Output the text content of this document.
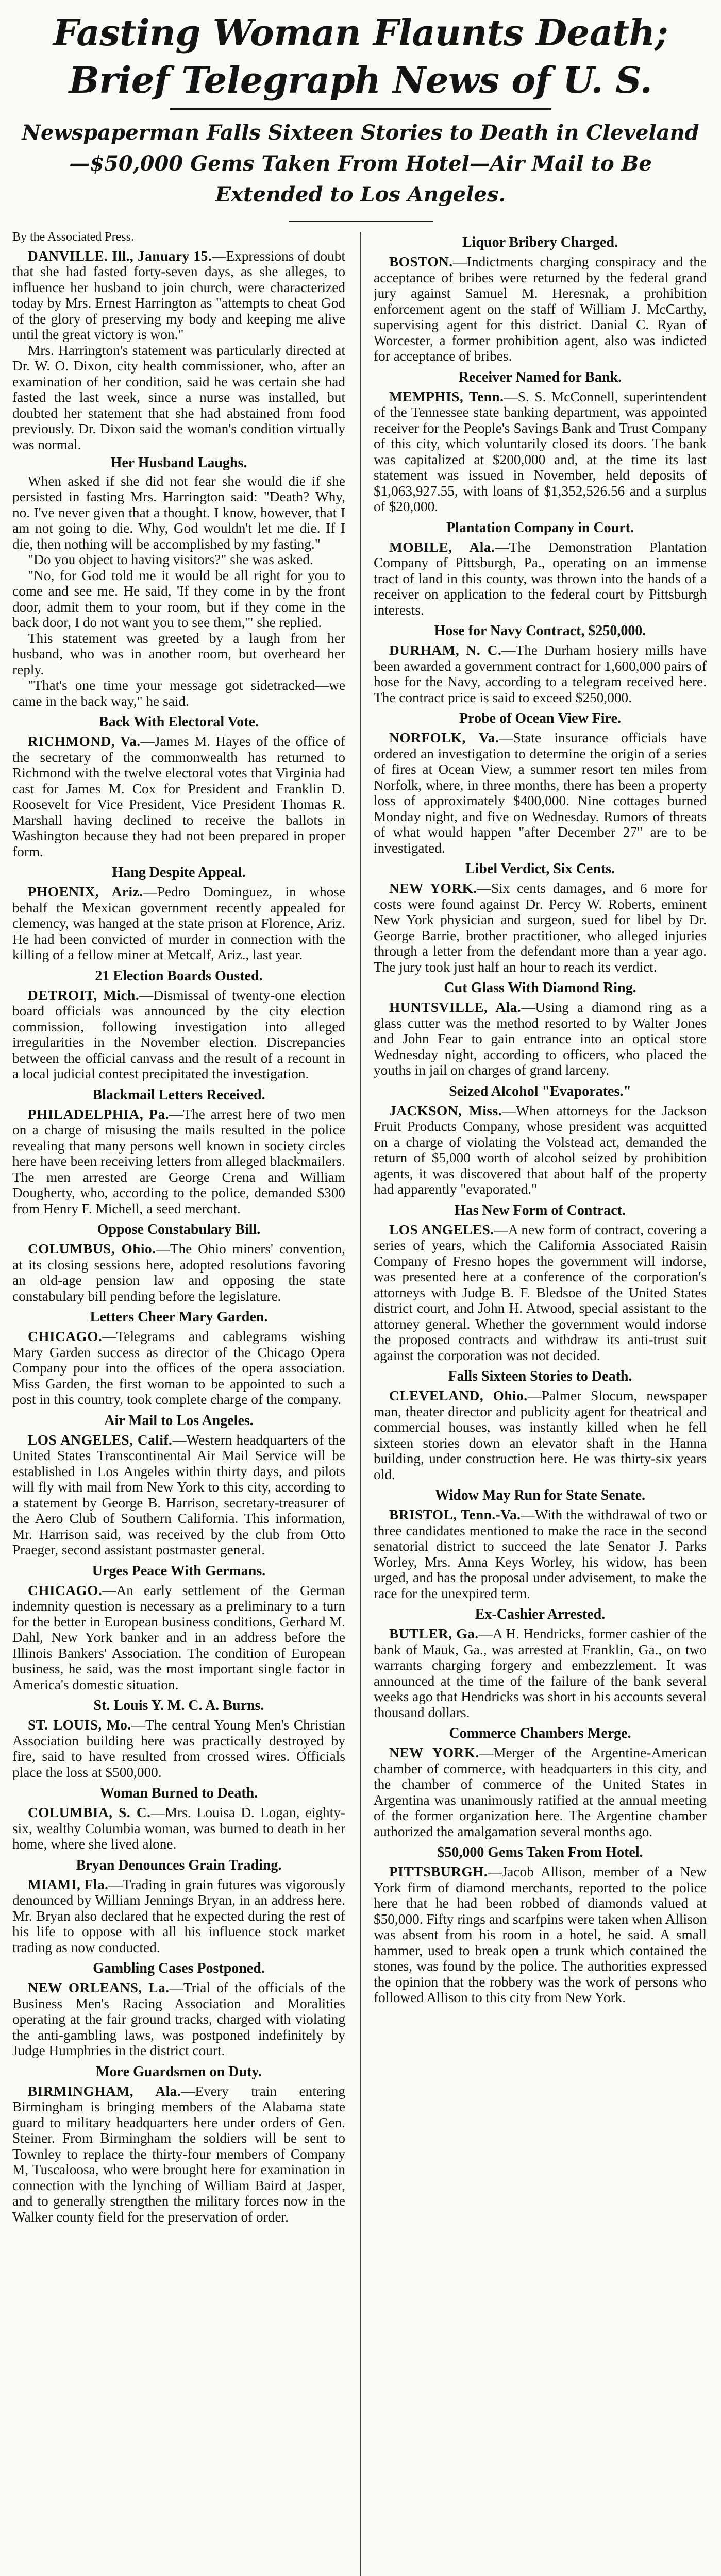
Fasting Woman Flaunts Death;
Brief Telegraph News of U. S.
Newspaperman Falls Sixteen Stories to Death in Cleveland—$50,000 Gems Taken From Hotel—Air Mail to Be Extended to Los Angeles.

By the Associated Press.

DANVILLE. Ill., January 15.—Expressions of doubt that she had fasted forty-seven days, as she alleges, to influence her husband to join church, were characterized today by Mrs. Ernest Harrington as "attempts to cheat God of the glory of preserving my body and keeping me alive until the great victory is won."

Mrs. Harrington's statement was particularly directed at Dr. W. O. Dixon, city health commissioner, who, after an examination of her condition, said he was certain she had fasted the last week, since a nurse was installed, but doubted her statement that she had abstained from food previously. Dr. Dixon said the woman's condition virtually was normal.

Her Husband Laughs.

When asked if she did not fear she would die if she persisted in fasting Mrs. Harrington said: "Death? Why, no. I've never given that a thought. I know, however, that I am not going to die. Why, God wouldn't let me die. If I die, then nothing will be accomplished by my fasting."

"Do you object to having visitors?" she was asked.

"No, for God told me it would be all right for you to come and see me. He said, 'If they come in by the front door, admit them to your room, but if they come in the back door, I do not want you to see them,'" she replied.

This statement was greeted by a laugh from her husband, who was in another room, but overheard her reply.

"That's one time your message got sidetracked—we came in the back way," he said.

Back With Electoral Vote.

RICHMOND, Va.—James M. Hayes of the office of the secretary of the commonwealth has returned to Richmond with the twelve electoral votes that Virginia had cast for James M. Cox for President and Franklin D. Roosevelt for Vice President, Vice President Thomas R. Marshall having declined to receive the ballots in Washington because they had not been prepared in proper form.

Hang Despite Appeal.

PHOENIX, Ariz.—Pedro Dominguez, in whose behalf the Mexican government recently appealed for clemency, was hanged at the state prison at Florence, Ariz. He had been convicted of murder in connection with the killing of a fellow miner at Metcalf, Ariz., last year.

21 Election Boards Ousted.

DETROIT, Mich.—Dismissal of twenty-one election board officials was announced by the city election commission, following investigation into alleged irregularities in the November election. Discrepancies between the official canvass and the result of a recount in a local judicial contest precipitated the investigation.

Blackmail Letters Received.

PHILADELPHIA, Pa.—The arrest here of two men on a charge of misusing the mails resulted in the police revealing that many persons well known in society circles here have been receiving letters from alleged blackmailers. The men arrested are George Crena and William Dougherty, who, according to the police, demanded $300 from Henry F. Michell, a seed merchant.

Oppose Constabulary Bill.

COLUMBUS, Ohio.—The Ohio miners' convention, at its closing sessions here, adopted resolutions favoring an old-age pension law and opposing the state constabulary bill pending before the legislature.

Letters Cheer Mary Garden.

CHICAGO.—Telegrams and cablegrams wishing Mary Garden success as director of the Chicago Opera Company pour into the offices of the opera association. Miss Garden, the first woman to be appointed to such a post in this country, took complete charge of the company.

Air Mail to Los Angeles.

LOS ANGELES, Calif.—Western headquarters of the United States Transcontinental Air Mail Service will be established in Los Angeles within thirty days, and pilots will fly with mail from New York to this city, according to a statement by George B. Harrison, secretary-treasurer of the Aero Club of Southern California. This information, Mr. Harrison said, was received by the club from Otto Praeger, second assistant postmaster general.

Urges Peace With Germans.

CHICAGO.—An early settlement of the German indemnity question is necessary as a preliminary to a turn for the better in European business conditions, Gerhard M. Dahl, New York banker and in an address before the Illinois Bankers' Association. The condition of European business, he said, was the most important single factor in America's domestic situation.

St. Louis Y. M. C. A. Burns.

ST. LOUIS, Mo.—The central Young Men's Christian Association building here was practically destroyed by fire, said to have resulted from crossed wires. Officials place the loss at $500,000.

Woman Burned to Death.

COLUMBIA, S. C.—Mrs. Louisa D. Logan, eighty-six, wealthy Columbia woman, was burned to death in her home, where she lived alone.

Bryan Denounces Grain Trading.

MIAMI, Fla.—Trading in grain futures was vigorously denounced by William Jennings Bryan, in an address here. Mr. Bryan also declared that he expected during the rest of his life to oppose with all his influence stock market trading as now conducted.

Gambling Cases Postponed.

NEW ORLEANS, La.—Trial of the officials of the Business Men's Racing Association and Moralities operating at the fair ground tracks, charged with violating the anti-gambling laws, was postponed indefinitely by Judge Humphries in the district court.

More Guardsmen on Duty.

BIRMINGHAM, Ala.—Every train entering Birmingham is bringing members of the Alabama state guard to military headquarters here under orders of Gen. Steiner. From Birmingham the soldiers will be sent to Townley to replace the thirty-four members of Company M, Tuscaloosa, who were brought here for examination in connection with the lynching of William Baird at Jasper, and to generally strengthen the military forces now in the Walker county field for the preservation of order.

Liquor Bribery Charged.

BOSTON.—Indictments charging conspiracy and the acceptance of bribes were returned by the federal grand jury against Samuel M. Heresnak, a prohibition enforcement agent on the staff of William J. McCarthy, supervising agent for this district. Danial C. Ryan of Worcester, a former prohibition agent, also was indicted for acceptance of bribes.

Receiver Named for Bank.

MEMPHIS, Tenn.—S. S. McConnell, superintendent of the Tennessee state banking department, was appointed receiver for the People's Savings Bank and Trust Company of this city, which voluntarily closed its doors. The bank was capitalized at $200,000 and, at the time its last statement was issued in November, held deposits of $1,063,927.55, with loans of $1,352,526.56 and a surplus of $20,000.

Plantation Company in Court.

MOBILE, Ala.—The Demonstration Plantation Company of Pittsburgh, Pa., operating on an immense tract of land in this county, was thrown into the hands of a receiver on application to the federal court by Pittsburgh interests.

Hose for Navy Contract, $250,000.

DURHAM, N. C.—The Durham hosiery mills have been awarded a government contract for 1,600,000 pairs of hose for the Navy, according to a telegram received here. The contract price is said to exceed $250,000.

Probe of Ocean View Fire.

NORFOLK, Va.—State insurance officials have ordered an investigation to determine the origin of a series of fires at Ocean View, a summer resort ten miles from Norfolk, where, in three months, there has been a property loss of approximately $400,000. Nine cottages burned Monday night, and five on Wednesday. Rumors of threats of what would happen "after December 27" are to be investigated.

Libel Verdict, Six Cents.

NEW YORK.—Six cents damages, and 6 more for costs were found against Dr. Percy W. Roberts, eminent New York physician and surgeon, sued for libel by Dr. George Barrie, brother practitioner, who alleged injuries through a letter from the defendant more than a year ago. The jury took just half an hour to reach its verdict.

Cut Glass With Diamond Ring.

HUNTSVILLE, Ala.—Using a diamond ring as a glass cutter was the method resorted to by Walter Jones and John Fear to gain entrance into an optical store Wednesday night, according to officers, who placed the youths in jail on charges of grand larceny.

Seized Alcohol "Evaporates."

JACKSON, Miss.—When attorneys for the Jackson Fruit Products Company, whose president was acquitted on a charge of violating the Volstead act, demanded the return of $5,000 worth of alcohol seized by prohibition agents, it was discovered that about half of the property had apparently "evaporated."

Has New Form of Contract.

LOS ANGELES.—A new form of contract, covering a series of years, which the California Associated Raisin Company of Fresno hopes the government will indorse, was presented here at a conference of the corporation's attorneys with Judge B. F. Bledsoe of the United States district court, and John H. Atwood, special assistant to the attorney general. Whether the government would indorse the proposed contracts and withdraw its anti-trust suit against the corporation was not decided.

Falls Sixteen Stories to Death.

CLEVELAND, Ohio.—Palmer Slocum, newspaper man, theater director and publicity agent for theatrical and commercial houses, was instantly killed when he fell sixteen stories down an elevator shaft in the Hanna building, under construction here. He was thirty-six years old.

Widow May Run for State Senate.

BRISTOL, Tenn.-Va.—With the withdrawal of two or three candidates mentioned to make the race in the second senatorial district to succeed the late Senator J. Parks Worley, Mrs. Anna Keys Worley, his widow, has been urged, and has the proposal under advisement, to make the race for the unexpired term.

Ex-Cashier Arrested.

BUTLER, Ga.—A H. Hendricks, former cashier of the bank of Mauk, Ga., was arrested at Franklin, Ga., on two warrants charging forgery and embezzlement. It was announced at the time of the failure of the bank several weeks ago that Hendricks was short in his accounts several thousand dollars.

Commerce Chambers Merge.

NEW YORK.—Merger of the Argentine-American chamber of commerce, with headquarters in this city, and the chamber of commerce of the United States in Argentina was unanimously ratified at the annual meeting of the former organization here. The Argentine chamber authorized the amalgamation several months ago.

$50,000 Gems Taken From Hotel.

PITTSBURGH.—Jacob Allison, member of a New York firm of diamond merchants, reported to the police here that he had been robbed of diamonds valued at $50,000. Fifty rings and scarfpins were taken when Allison was absent from his room in a hotel, he said. A small hammer, used to break open a trunk which contained the stones, was found by the police. The authorities expressed the opinion that the robbery was the work of persons who followed Allison to this city from New York.
